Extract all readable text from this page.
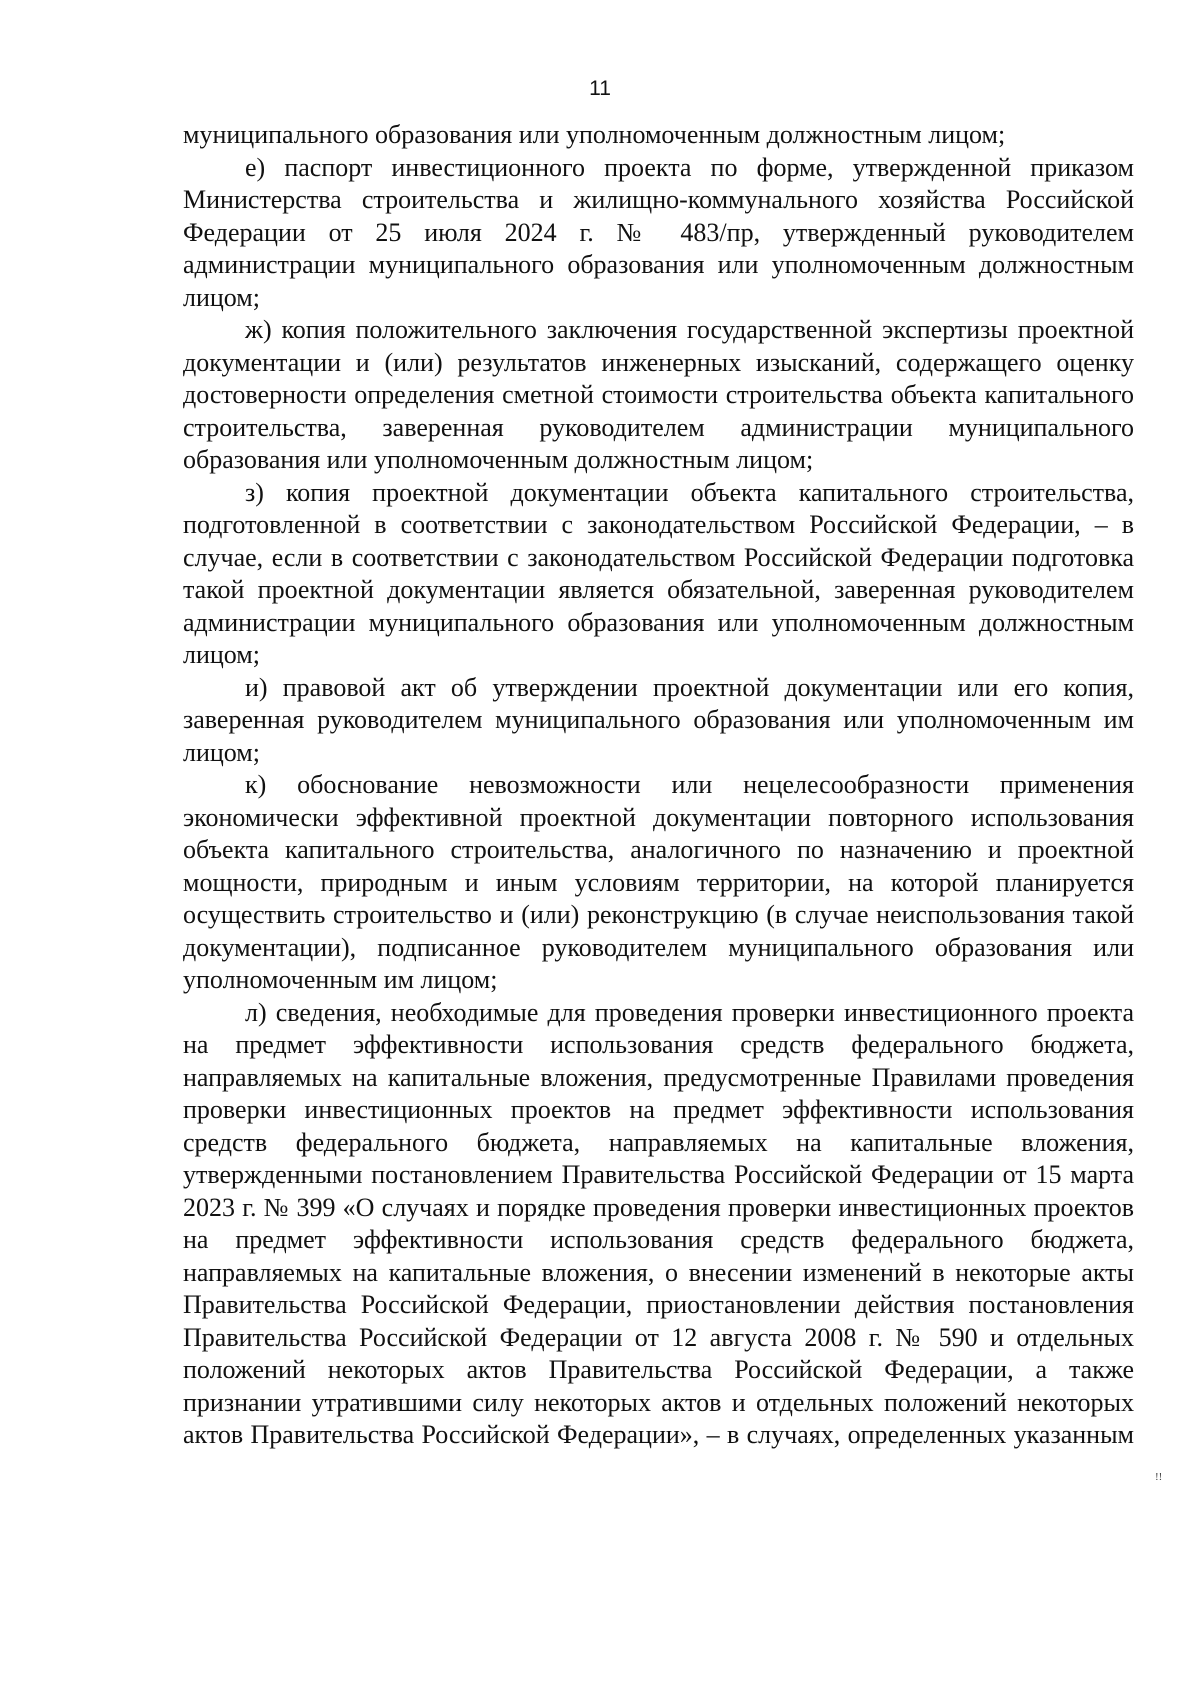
11

муниципального образования или уполномоченным должностным лицом;

е) паспорт инвестиционного проекта по форме, утвержденной приказом Министерства строительства и жилищно-коммунального хозяйства Российской Федерации от 25 июля 2024 г. № 483/пр, утвержденный руководителем администрации муниципального образования или уполномоченным должностным лицом;

ж) копия положительного заключения государственной экспертизы проектной документации и (или) результатов инженерных изысканий, содержащего оценку достоверности определения сметной стоимости строительства объекта капитального строительства, заверенная руководителем администрации муниципального образования или уполномоченным должностным лицом;

з) копия проектной документации объекта капитального строительства, подготовленной в соответствии с законодательством Российской Федерации, – в случае, если в соответствии с законодательством Российской Федерации подготовка такой проектной документации является обязательной, заверенная руководителем администрации муниципального образования или уполномоченным должностным лицом;

и) правовой акт об утверждении проектной документации или его копия, заверенная руководителем муниципального образования или уполномоченным им лицом;

к) обоснование невозможности или нецелесообразности применения экономически эффективной проектной документации повторного использования объекта капитального строительства, аналогичного по назначению и проектной мощности, природным и иным условиям территории, на которой планируется осуществить строительство и (или) реконструкцию (в случае неиспользования такой документации), подписанное руководителем муниципального образования или уполномоченным им лицом;

л) сведения, необходимые для проведения проверки инвестиционного проекта на предмет эффективности использования средств федерального бюджета, направляемых на капитальные вложения, предусмотренные Правилами проведения проверки инвестиционных проектов на предмет эффективности использования средств федерального бюджета, направляемых на капитальные вложения, утвержденными постановлением Правительства Российской Федерации от 15 марта 2023 г. № 399 «О случаях и порядке проведения проверки инвестиционных проектов на предмет эффективности использования средств федерального бюджета, направляемых на капитальные вложения, о внесении изменений в некоторые акты Правительства Российской Федерации, приостановлении действия постановления Правительства Российской Федерации от 12 августа 2008 г. № 590 и отдельных положений некоторых актов Правительства Российской Федерации, а также признании утратившими силу некоторых актов и отдельных положений некоторых актов Правительства Российской Федерации», – в случаях, определенных указанным

!!
